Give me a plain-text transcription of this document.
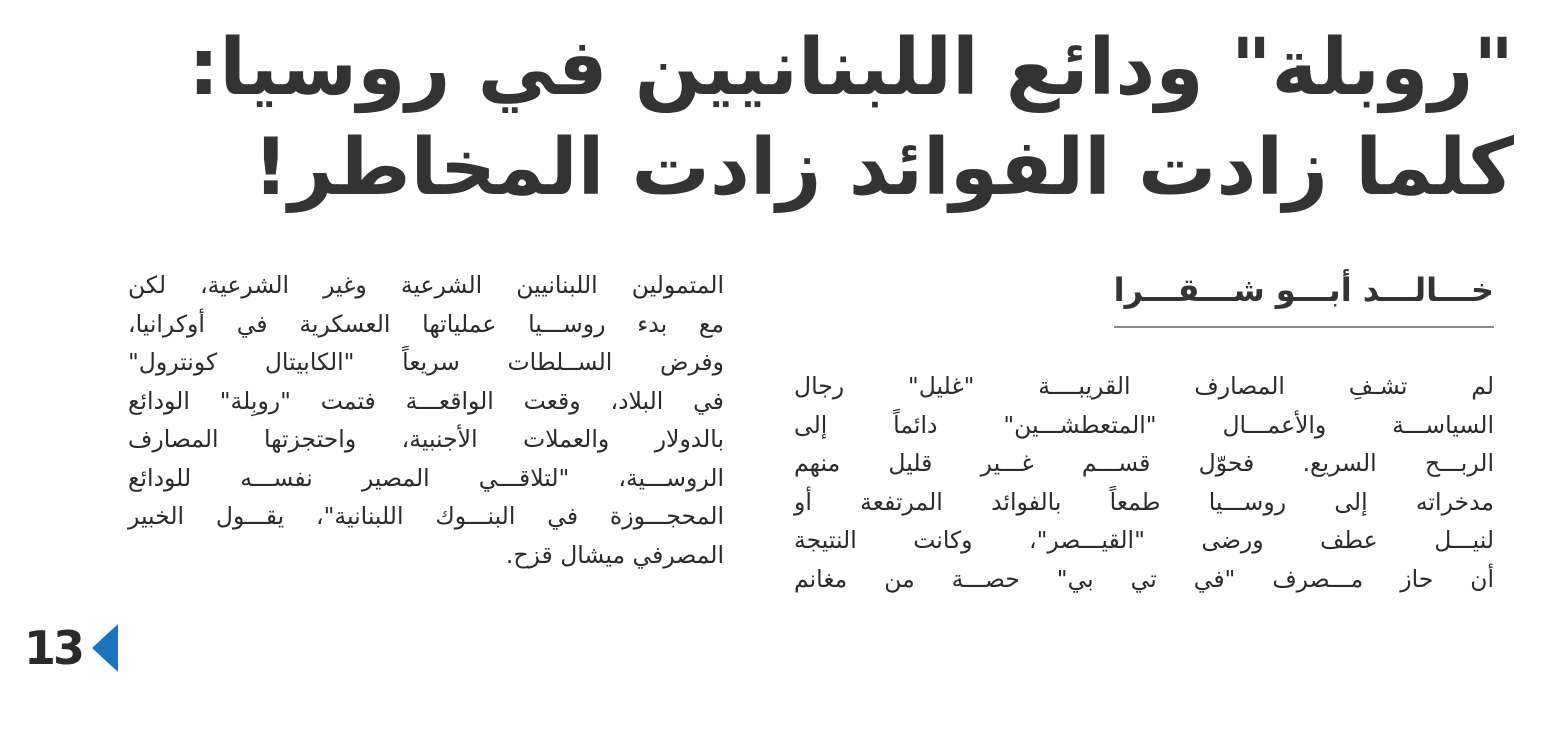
"روبلة" ودائع اللبنانيين في روسيا:
كلما زادت الفوائد زادت المخاطر!
خـــالـــد أبـــو شـــقـــرا
لم تشـفِ المصارف القريبــــة "غليل" رجال
السياســـة والأعمـــال "المتعطشـــين" دائماً إلى
الربـــح السريع. فحوّل قســـم غـــير قليل منهم
مدخراته إلى روســـيا طمعاً بالفوائد المرتفعة أو
لنيـــل عطف ورضى "القيـــصر"، وكانت النتيجة
أن حاز مـــصرف "في تي بي" حصـــة من مغانم
المتمولين اللبنانيين الشرعية وغير الشرعية، لكن
مع بدء روســـيا عملياتها العسكرية في أوكرانيا،
وفرض الســلطات سريعاً "الكابيتال كونترول"
في البلاد، وقعت الواقعـــة فتمت "روبِلة" الودائع
بالدولار والعملات الأجنبية، واحتجزتها المصارف
الروســـية، "لتلاقـــي المصير نفســـه للودائع
المحجـــوزة في البنـــوك اللبنانية"، يقـــول الخبير
المصرفي ميشال قزح.
13
